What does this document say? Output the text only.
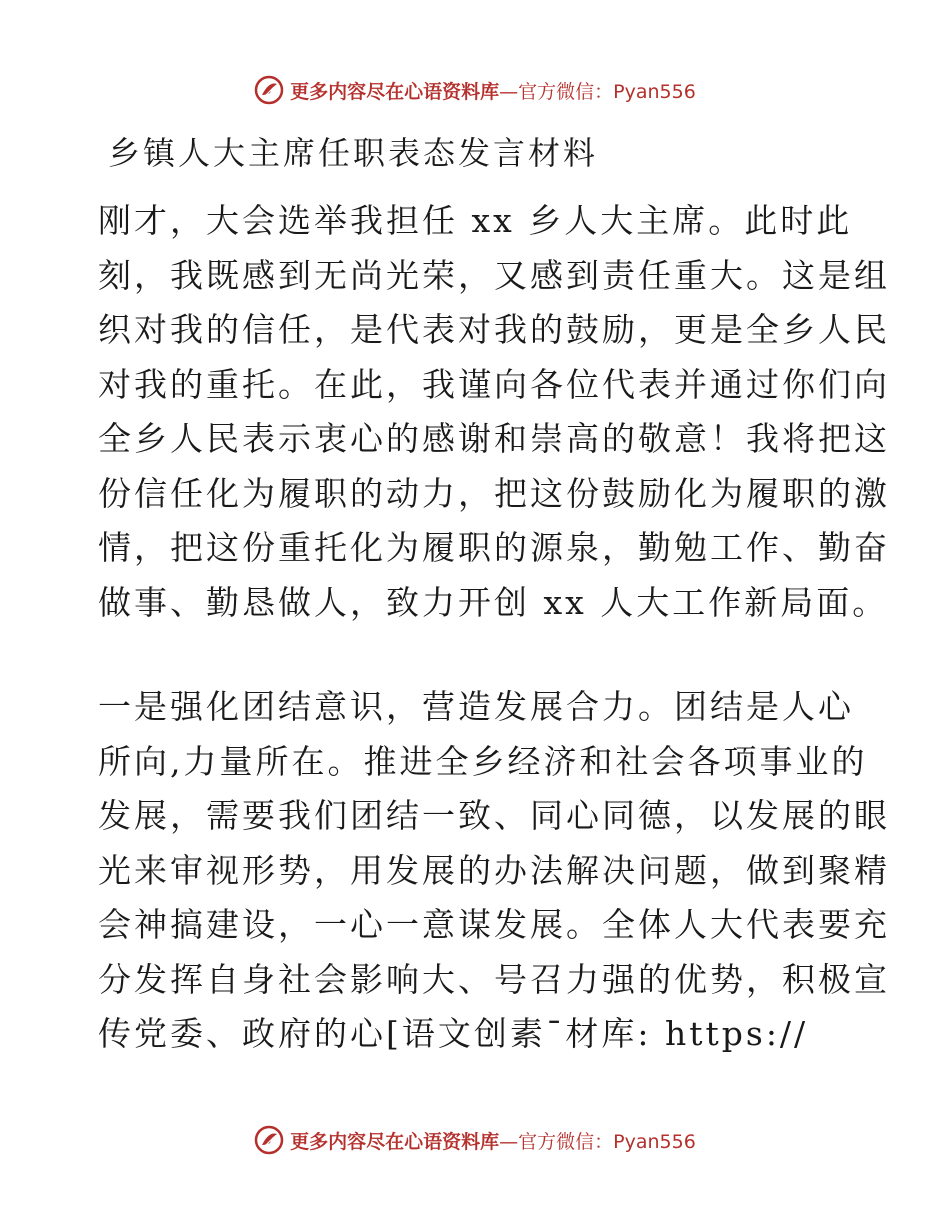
更多内容尽在心语资料库—官方微信：Pyan556
乡镇人大主席任职表态发言材料

刚才，大会选举我担任 xx 乡人大主席。此时此
刻，我既感到无尚光荣，又感到责任重大。这是组
织对我的信任，是代表对我的鼓励，更是全乡人民
对我的重托。在此，我谨向各位代表并通过你们向
全乡人民表示衷心的感谢和崇高的敬意！我将把这
份信任化为履职的动力，把这份鼓励化为履职的激
情，把这份重托化为履职的源泉，勤勉工作、勤奋
做事、勤恳做人，致力开创 xx 人大工作新局面。

一是强化团结意识，营造发展合力。团结是人心
所向,力量所在。推进全乡经济和社会各项事业的
发展，需要我们团结一致、同心同德，以发展的眼
光来审视形势，用发展的办法解决问题，做到聚精
会神搞建设，一心一意谋发展。全体人大代表要充
分发挥自身社会影响大、号召力强的优势，积极宣
传党委、政府的心[语文创素¯材库: https://

更多内容尽在心语资料库—官方微信：Pyan556
